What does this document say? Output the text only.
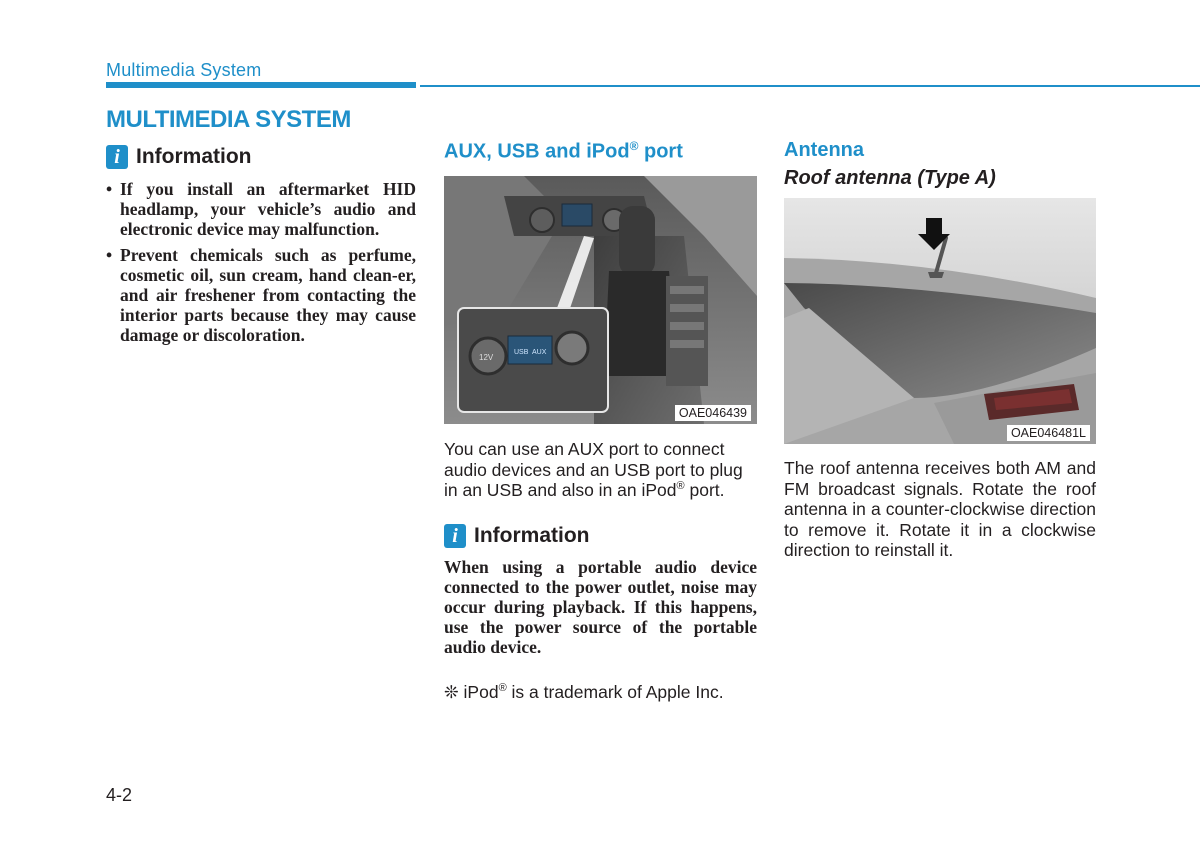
Multimedia System
MULTIMEDIA SYSTEM
i Information
• If you install an aftermarket HID headlamp, your vehicle’s audio and electronic device may malfunction.
• Prevent chemicals such as perfume, cosmetic oil, sun cream, hand clean-er, and air freshener from contacting the interior parts because they may cause damage or discoloration.
AUX, USB and iPod® port
12V
USB AUX
OAE046439
You can use an AUX port to connect audio devices and an USB port to plug in an USB and also in an iPod® port.
i Information
When using a portable audio device connected to the power outlet, noise may occur during playback. If this happens, use the power source of the portable audio device.
❊ iPod® is a trademark of Apple Inc.
Antenna
Roof antenna (Type A)
OAE046481L
The roof antenna receives both AM and FM broadcast signals. Rotate the roof antenna in a counter-clockwise direction to remove it. Rotate it in a clockwise direction to reinstall it.
4-2
